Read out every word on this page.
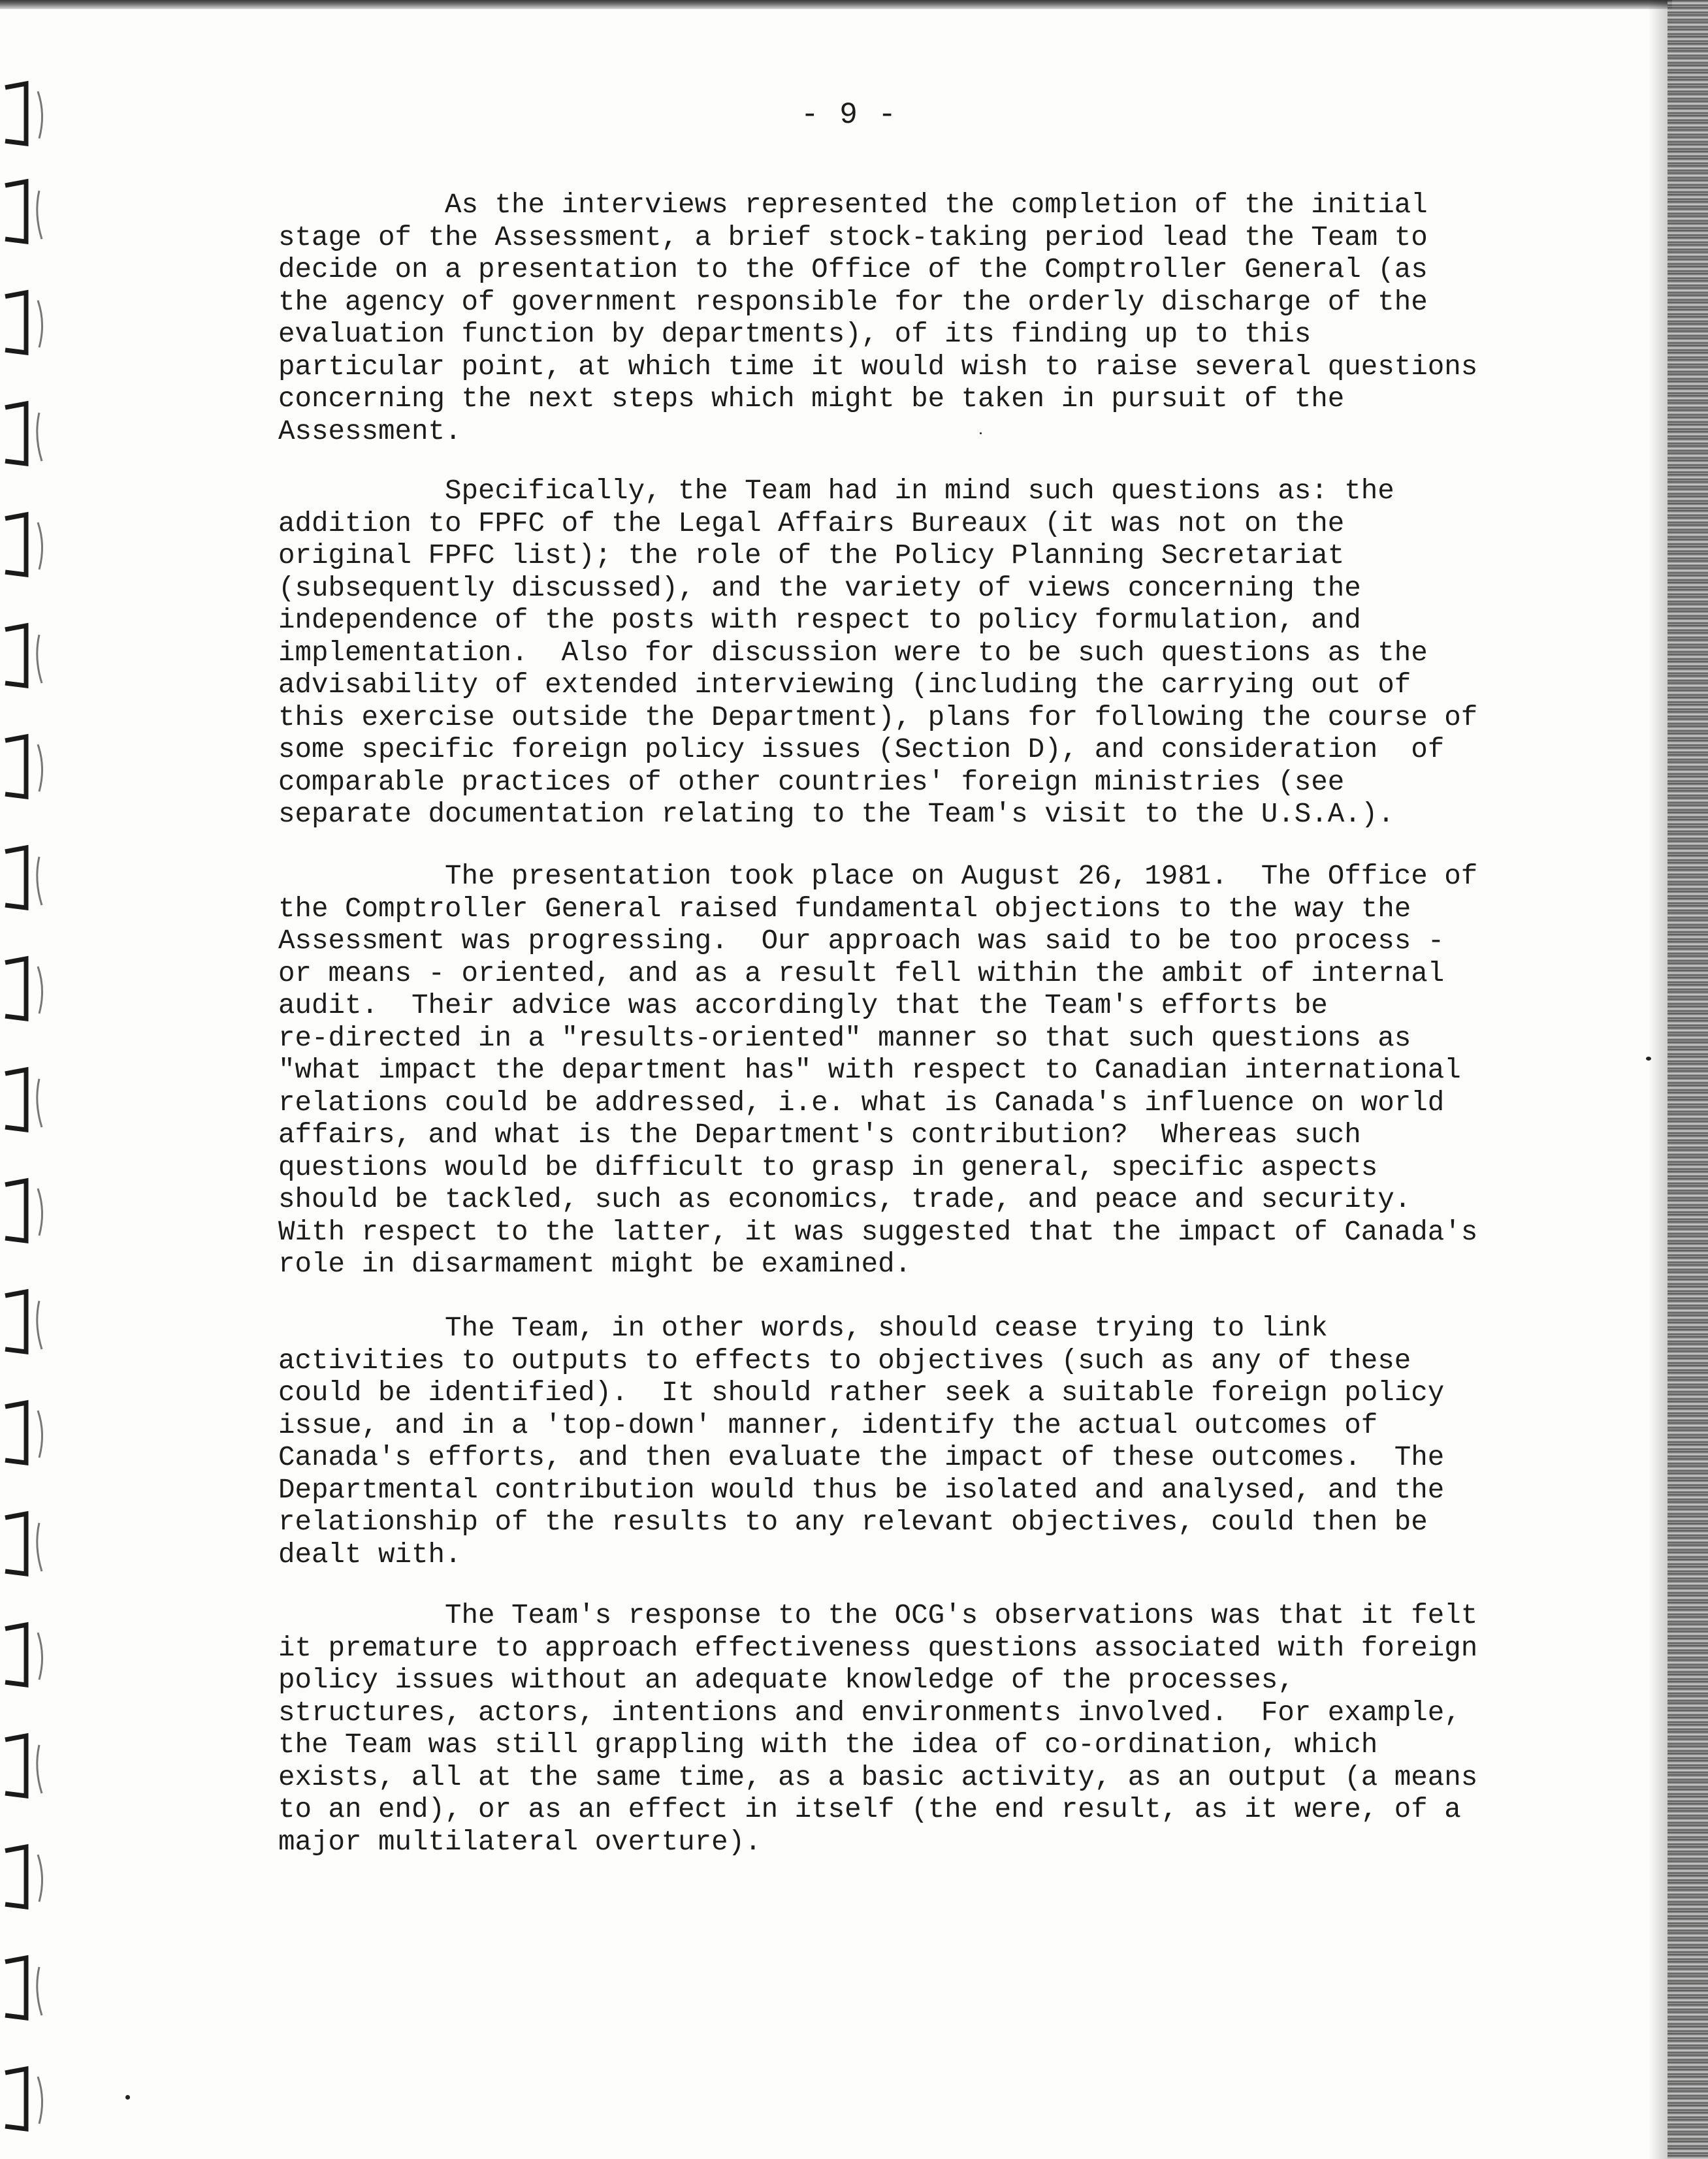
- 9 -

As the interviews represented the completion of the initial
stage of the Assessment, a brief stock-taking period lead the Team to
decide on a presentation to the Office of the Comptroller General (as
the agency of government responsible for the orderly discharge of the
evaluation function by departments), of its finding up to this
particular point, at which time it would wish to raise several questions
concerning the next steps which might be taken in pursuit of the
Assessment.

Specifically, the Team had in mind such questions as: the
addition to FPFC of the Legal Affairs Bureaux (it was not on the
original FPFC list); the role of the Policy Planning Secretariat
(subsequently discussed), and the variety of views concerning the
independence of the posts with respect to policy formulation, and
implementation.  Also for discussion were to be such questions as the
advisability of extended interviewing (including the carrying out of
this exercise outside the Department), plans for following the course of
some specific foreign policy issues (Section D), and consideration  of
comparable practices of other countries' foreign ministries (see
separate documentation relating to the Team's visit to the U.S.A.).

The presentation took place on August 26, 1981.  The Office of
the Comptroller General raised fundamental objections to the way the
Assessment was progressing.  Our approach was said to be too process -
or means - oriented, and as a result fell within the ambit of internal
audit.  Their advice was accordingly that the Team's efforts be
re-directed in a "results-oriented" manner so that such questions as
"what impact the department has" with respect to Canadian international
relations could be addressed, i.e. what is Canada's influence on world
affairs, and what is the Department's contribution?  Whereas such
questions would be difficult to grasp in general, specific aspects
should be tackled, such as economics, trade, and peace and security.
With respect to the latter, it was suggested that the impact of Canada's
role in disarmament might be examined.

The Team, in other words, should cease trying to link
activities to outputs to effects to objectives (such as any of these
could be identified).  It should rather seek a suitable foreign policy
issue, and in a 'top-down' manner, identify the actual outcomes of
Canada's efforts, and then evaluate the impact of these outcomes.  The
Departmental contribution would thus be isolated and analysed, and the
relationship of the results to any relevant objectives, could then be
dealt with.

The Team's response to the OCG's observations was that it felt
it premature to approach effectiveness questions associated with foreign
policy issues without an adequate knowledge of the processes,
structures, actors, intentions and environments involved.  For example,
the Team was still grappling with the idea of co-ordination, which
exists, all at the same time, as a basic activity, as an output (a means
to an end), or as an effect in itself (the end result, as it were, of a
major multilateral overture).
